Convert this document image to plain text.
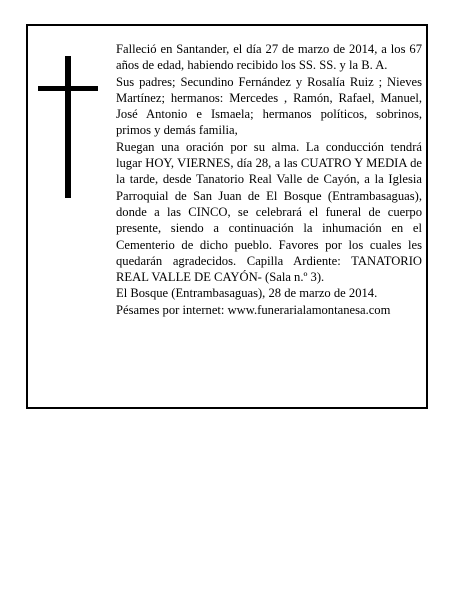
Falleció en Santander, el día 27 de marzo de 2014, a los 67 años de edad, habiendo recibido los SS. SS. y la B. A.

Sus padres; Secundino Fernández y Rosalía Ruiz ; Nieves Martínez; hermanos: Mercedes , Ramón, Rafael, Manuel, José Antonio e Ismaela; hermanos políticos, sobrinos, primos y demás familia,

Ruegan una oración por su alma. La conducción tendrá lugar HOY, VIERNES, día 28, a las CUATRO Y MEDIA de la tarde, desde Tanatorio Real Valle de Cayón, a la Iglesia Parroquial de San Juan de El Bosque (Entrambasaguas), donde a las CINCO, se celebrará el funeral de cuerpo presente, siendo a continuación la inhumación en el Cementerio de dicho pueblo. Favores por los cuales les quedarán agradecidos. Capilla Ardiente: TANATORIO REAL VALLE DE CAYÓN- (Sala n.º 3).

El Bosque (Entrambasaguas), 28 de marzo de 2014.

Pésames por internet: www.funerarialamontanesa.com
